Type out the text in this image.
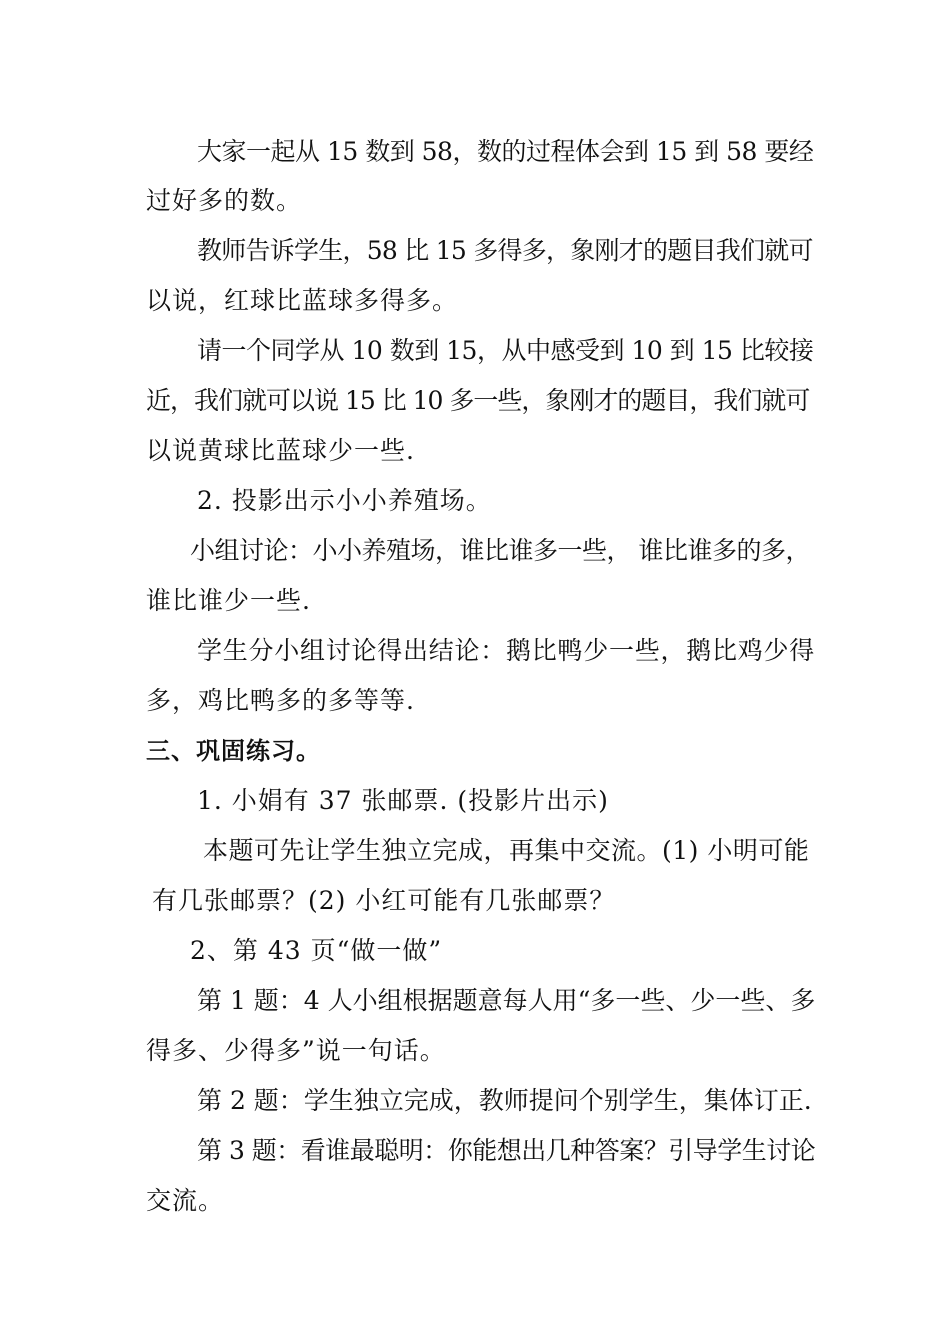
大家一起从 15 数到 58，数的过程体会到 15 到 58 要经
过好多的数。
教师告诉学生，58 比 15 多得多，象刚才的题目我们就可
以说，红球比蓝球多得多。
请一个同学从 10 数到 15，从中感受到 10 到 15 比较接
近，我们就可以说 15 比 10 多一些，象刚才的题目，我们就可
以说黄球比蓝球少一些.
2. 投影出示小小养殖场。
小组讨论：小小养殖场，谁比谁多一些， 谁比谁多的多，
谁比谁少一些.
学生分小组讨论得出结论：鹅比鸭少一些，鹅比鸡少得
多，鸡比鸭多的多等等.
三、巩固练习。
1. 小娟有 37 张邮票. (投影片出示)
本题可先让学生独立完成，再集中交流。(1) 小明可能
有几张邮票？(2) 小红可能有几张邮票？
2、第 43 页“做一做”
第 1 题：4 人小组根据题意每人用“多一些、少一些、多
得多、少得多”说一句话。
第 2 题：学生独立完成，教师提问个别学生，集体订正.
第 3 题：看谁最聪明：你能想出几种答案？引导学生讨论
交流。
